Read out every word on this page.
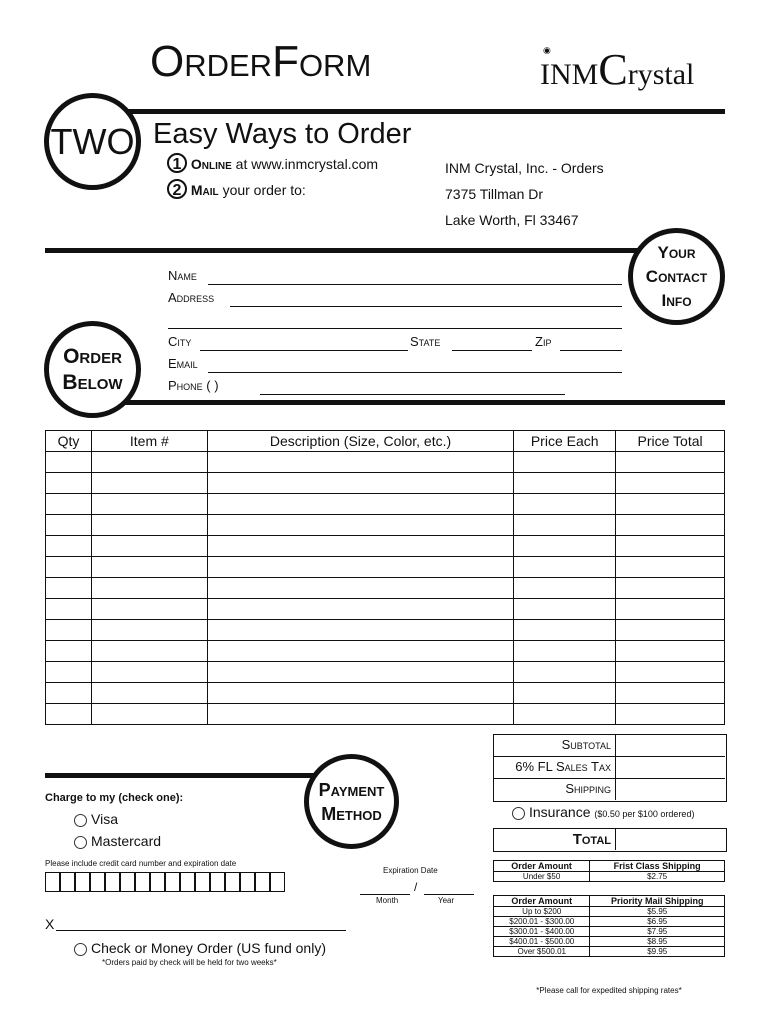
OrderForm	◉
INMCrystal
TWO Easy Ways to Order
1 Online at www.inmcrystal.com
2 Mail your order to:
INM Crystal, Inc. - Orders
7375 Tillman Dr
Lake Worth, Fl 33467
Your
Contact
Info
Name
Address
City	State	Zip
Email
Phone ( )
Order
Below
Qty	Item #	Description (Size, Color, etc.)	Price Each	Price Total

Subtotal
6% FL Sales Tax
Shipping
Insurance ($0.50 per $100 ordered)
Total
Order Amount	Frist Class Shipping
Under $50	$2.75
Order Amount	Priority Mail Shipping
Up to $200	$5.95
$200.01 - $300.00	$6.95
$300.01 - $400.00	$7.95
$400.01 - $500.00	$8.95
Over $500.01	$9.95
*Please call for expedited shipping rates*
Payment
Method
Charge to my (check one):
Visa
Mastercard
Please include credit card number and expiration date
Expiration Date
/
Month	Year
X
Check or Money Order (US fund only)
*Orders paid by check will be held for two weeks*
